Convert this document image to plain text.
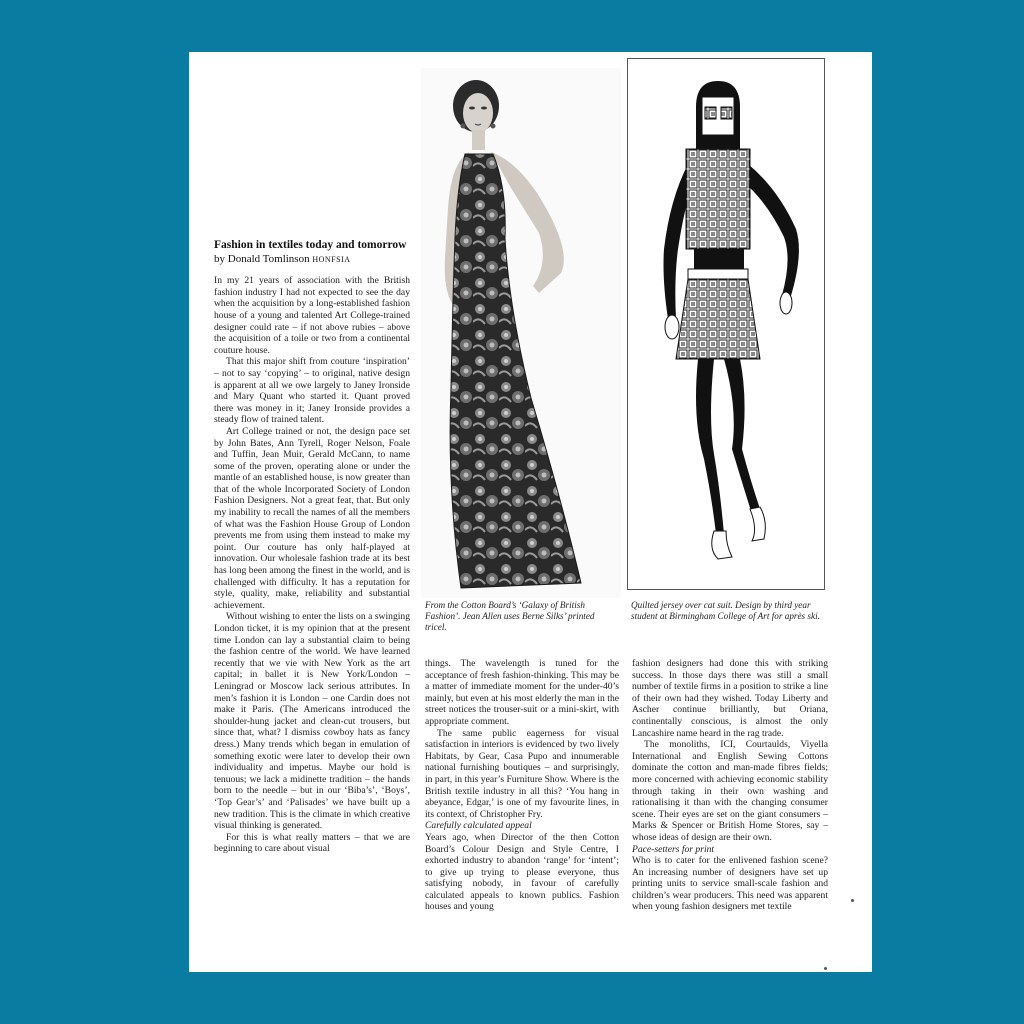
From the Cotton Board’s ‘Galaxy of British Fashion’. Jean Allen uses Berne Silks’ printed tricel.
Quilted jersey over cat suit. Design by third year student at Birmingham College of Art for après ski.
Fashion in textiles today and tomorrow
by Donald Tomlinson HONFSIA

In my 21 years of association with the British fashion industry I had not expected to see the day when the acquisition by a long-established fashion house of a young and talented Art College-trained designer could rate – if not above rubies – above the acquisition of a toile or two from a continental couture house.

That this major shift from couture ‘inspiration’ – not to say ‘copying’ – to original, native design is apparent at all we owe largely to Janey Ironside and Mary Quant who started it. Quant proved there was money in it; Janey Ironside provides a steady flow of trained talent.

Art College trained or not, the design pace set by John Bates, Ann Tyrell, Roger Nelson, Foale and Tuffin, Jean Muir, Gerald McCann, to name some of the proven, operating alone or under the mantle of an established house, is now greater than that of the whole Incorporated Society of London Fashion Designers. Not a great feat, that. But only my inability to recall the names of all the members of what was the Fashion House Group of London prevents me from using them instead to make my point. Our couture has only half-played at innovation. Our wholesale fashion trade at its best has long been among the finest in the world, and is challenged with difficulty. It has a reputation for style, quality, make, reliability and substantial achievement.

Without wishing to enter the lists on a swinging London ticket, it is my opinion that at the present time London can lay a substantial claim to being the fashion centre of the world. We have learned recently that we vie with New York as the art capital; in ballet it is New York/London – Leningrad or Moscow lack serious attributes. In men’s fashion it is London – one Cardin does not make it Paris. (The Americans introduced the shoulder-hung jacket and clean-cut trousers, but since that, what? I dismiss cowboy hats as fancy dress.) Many trends which began in emulation of something exotic were later to develop their own individuality and impetus. Maybe our hold is tenuous; we lack a midinette tradition – the hands born to the needle – but in our ‘Biba’s’, ‘Boys’, ‘Top Gear’s’ and ‘Palisades’ we have built up a new tradition. This is the climate in which creative visual thinking is generated.

For this is what really matters – that we are beginning to care about visual

things. The wavelength is tuned for the acceptance of fresh fashion-thinking. This may be a matter of immediate moment for the under-40’s mainly, but even at his most elderly the man in the street notices the trouser-suit or a mini-skirt, with appropriate comment.

The same public eagerness for visual satisfaction in interiors is evidenced by two lively Habitats, by Gear, Casa Pupo and innumerable national furnishing boutiques – and surprisingly, in part, in this year’s Furniture Show. Where is the British textile industry in all this? ‘You hang in abeyance, Edgar,’ is one of my favourite lines, in its context, of Christopher Fry.

Carefully calculated appeal

Years ago, when Director of the then Cotton Board’s Colour Design and Style Centre, I exhorted industry to abandon ‘range’ for ‘intent’; to give up trying to please everyone, thus satisfying nobody, in favour of carefully calculated appeals to known publics. Fashion houses and young

fashion designers had done this with striking success. In those days there was still a small number of textile firms in a position to strike a line of their own had they wished. Today Liberty and Ascher continue brilliantly, but Oriana, continentally conscious, is almost the only Lancashire name heard in the rag trade.

The monoliths, ICI, Courtaulds, Viyella International and English Sewing Cottons dominate the cotton and man-made fibres fields; more concerned with achieving economic stability through taking in their own washing and rationalising it than with the changing consumer scene. Their eyes are set on the giant consumers – Marks & Spencer or British Home Stores, say – whose ideas of design are their own.

Pace-setters for print

Who is to cater for the enlivened fashion scene? An increasing number of designers have set up printing units to service small-scale fashion and children’s wear producers. This need was apparent when young fashion designers met textile
